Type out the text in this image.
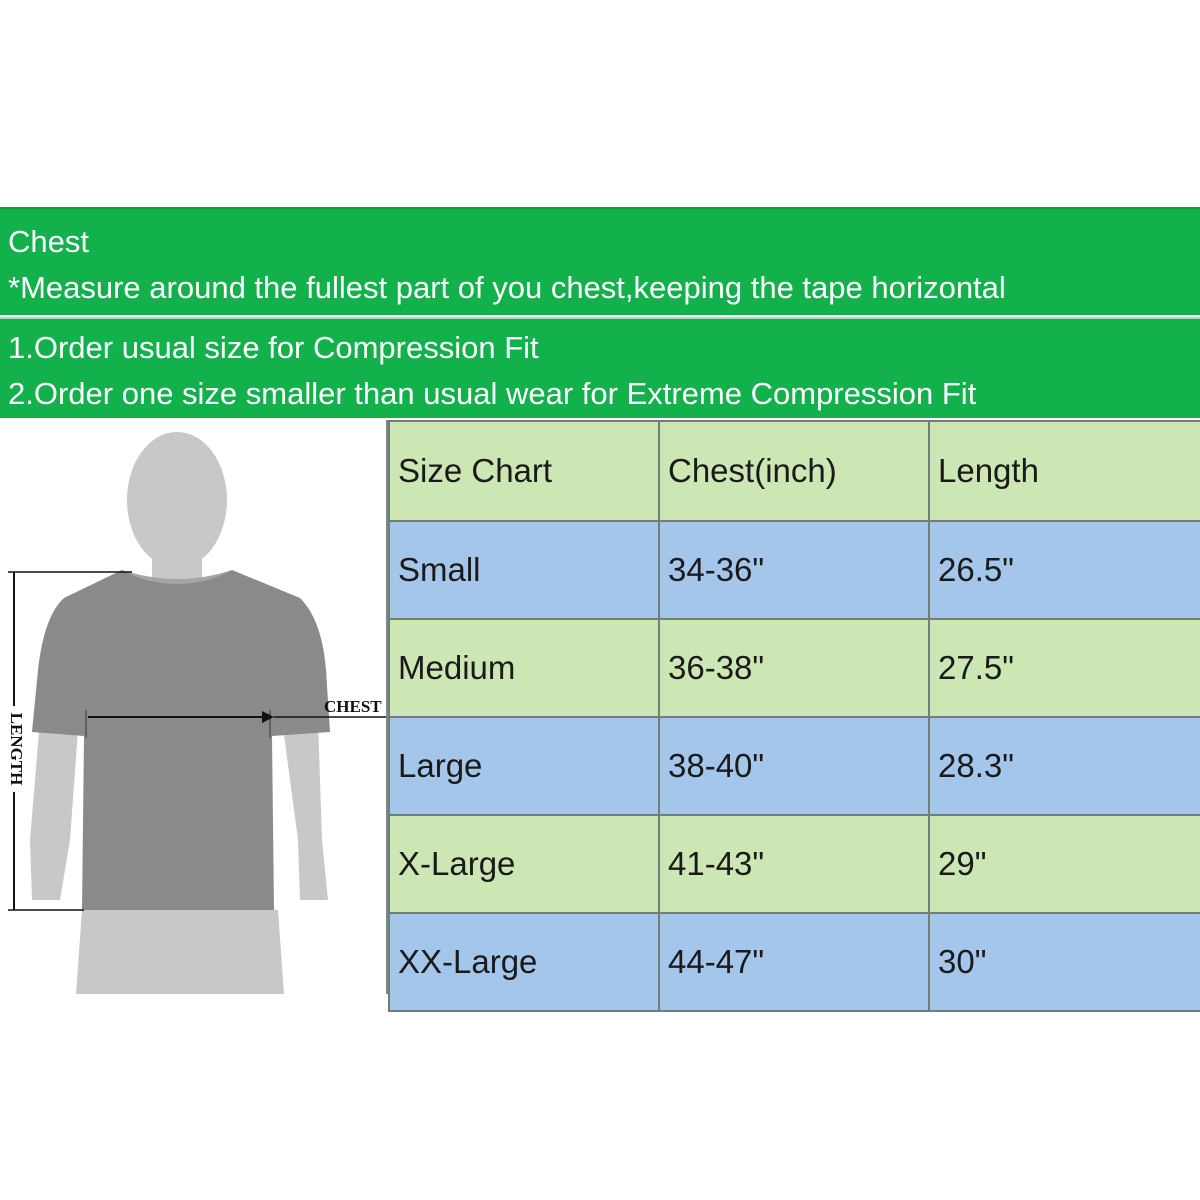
Chest
*Measure around the fullest part of you chest,keeping the tape horizontal
1.Order usual size for Compression Fit
2.Order one size smaller than usual wear for Extreme Compression Fit
CHEST
LENGTH
Size Chart	Chest(inch)	Length
Small	34-36"	26.5"
Medium	36-38"	27.5"
Large	38-40"	28.3"
X-Large	41-43"	29"
XX-Large	44-47"	30"
